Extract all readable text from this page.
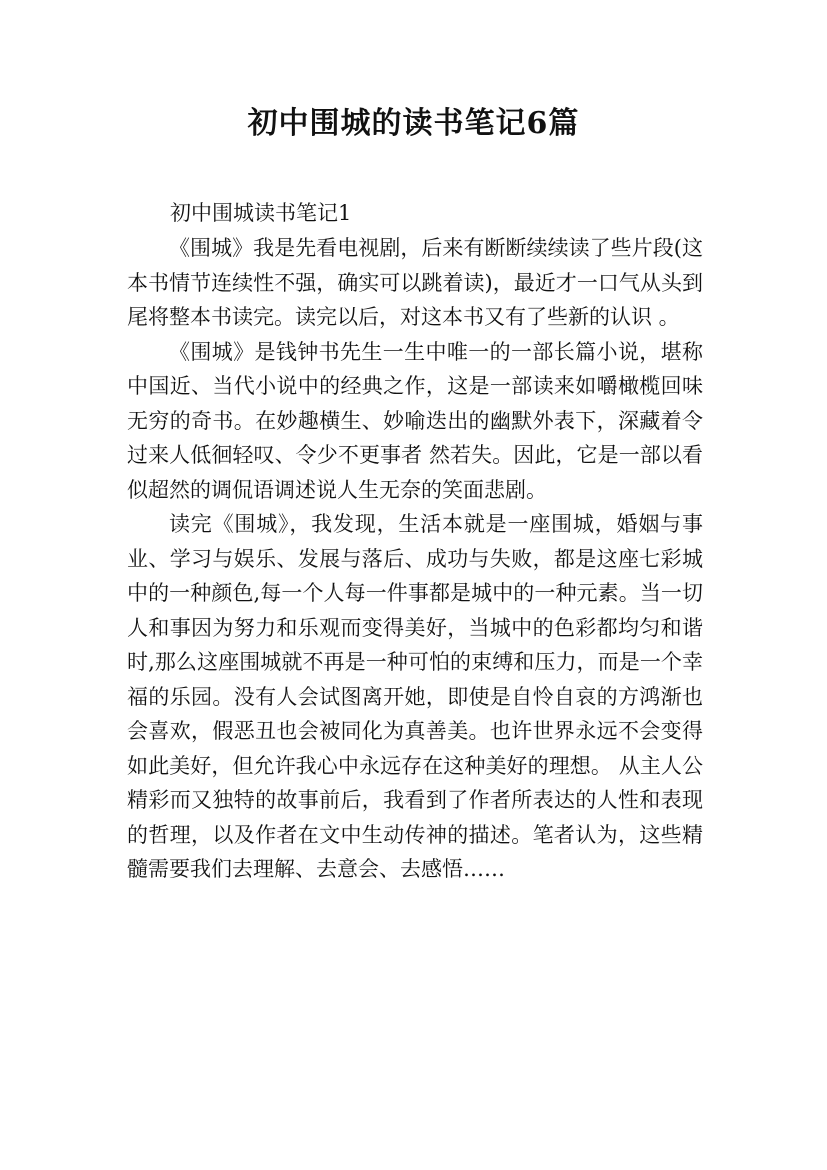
初中围城的读书笔记6篇

初中围城读书笔记1

《围城》我是先看电视剧，后来有断断续续读了些片段(这本书情节连续性不强，确实可以跳着读)，最近才一口气从头到尾将整本书读完。读完以后，对这本书又有了些新的认识 。

《围城》是钱钟书先生一生中唯一的一部长篇小说，堪称中国近、当代小说中的经典之作，这是一部读来如嚼橄榄回味无穷的奇书。在妙趣横生、妙喻迭出的幽默外表下，深藏着令过来人低徊轻叹、令少不更事者 然若失。因此，它是一部以看似超然的调侃语调述说人生无奈的笑面悲剧。

读完《围城》，我发现，生活本就是一座围城，婚姻与事业、学习与娱乐、发展与落后、成功与失败，都是这座七彩城中的一种颜色,每一个人每一件事都是城中的一种元素。当一切人和事因为努力和乐观而变得美好，当城中的色彩都均匀和谐时,那么这座围城就不再是一种可怕的束缚和压力，而是一个幸福的乐园。没有人会试图离开她，即使是自怜自哀的方鸿渐也会喜欢，假恶丑也会被同化为真善美。也许世界永远不会变得如此美好，但允许我心中永远存在这种美好的理想。 从主人公精彩而又独特的故事前后，我看到了作者所表达的人性和表现的哲理，以及作者在文中生动传神的描述。笔者认为，这些精髓需要我们去理解、去意会、去感悟……
